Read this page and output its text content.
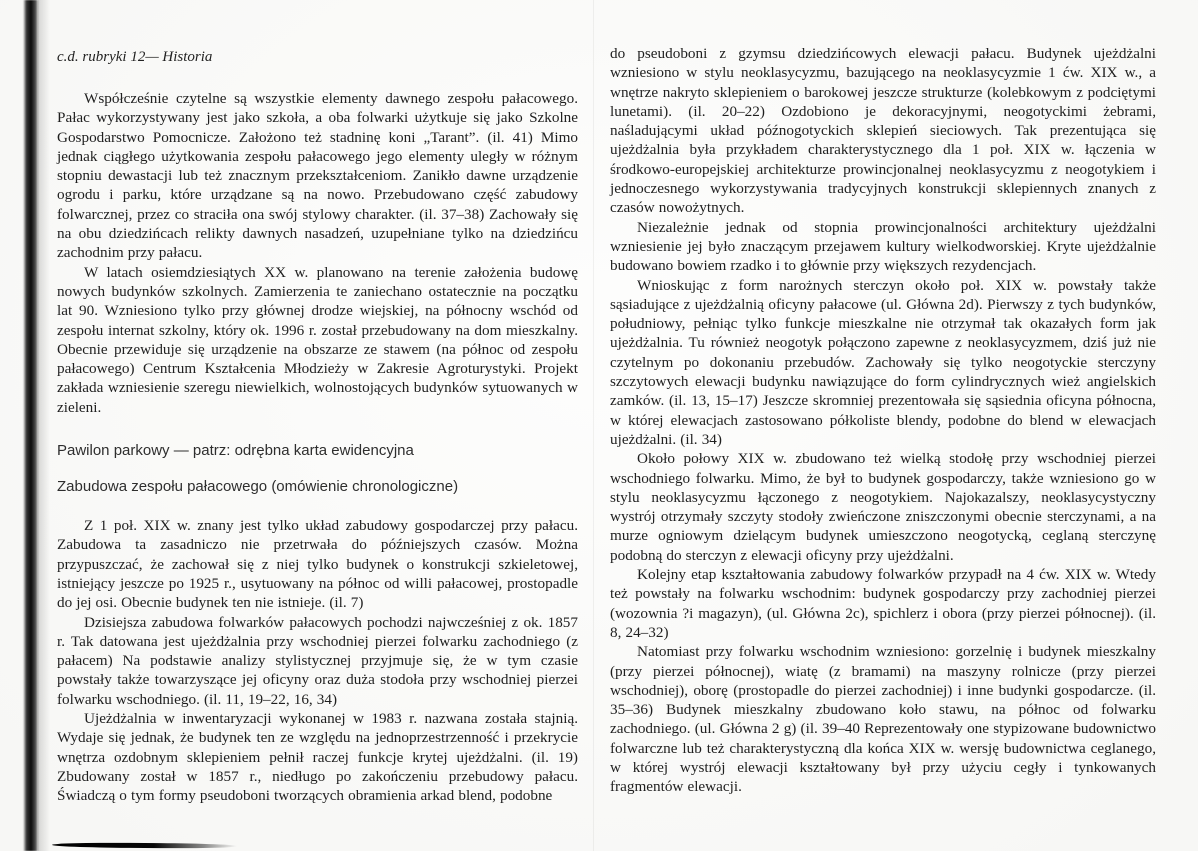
c.d. rubryki 12— Historia

Współcześnie czytelne są wszystkie elementy dawnego zespołu pałacowego. Pałac wykorzystywany jest jako szkoła, a oba folwarki użytkuje się jako Szkolne Gospodarstwo Pomocnicze. Założono też stadninę koni „Tarant”. (il. 41) Mimo jednak ciągłego użytkowania zespołu pałacowego jego elementy uległy w różnym stopniu dewastacji lub też znacznym przekształceniom. Zanikło dawne urządzenie ogrodu i parku, które urządzane są na nowo. Przebudowano część zabudowy folwarcznej, przez co straciła ona swój stylowy charakter. (il. 37–38) Zachowały się na obu dziedzińcach relikty dawnych nasadzeń, uzupełniane tylko na dziedzińcu zachodnim przy pałacu.

W latach osiemdziesiątych XX w. planowano na terenie założenia budowę nowych budynków szkolnych. Zamierzenia te zaniechano ostatecznie na początku lat 90. Wzniesiono tylko przy głównej drodze wiejskiej, na północny wschód od zespołu internat szkolny, który ok. 1996 r. został przebudowany na dom mieszkalny. Obecnie przewiduje się urządzenie na obszarze ze stawem (na północ od zespołu pałacowego) Centrum Kształcenia Młodzieży w Zakresie Agroturystyki. Projekt zakłada wzniesienie szeregu niewielkich, wolnostojących budynków sytuowanych w zieleni.

Pawilon parkowy — patrz: odrębna karta ewidencyjna
Zabudowa zespołu pałacowego (omówienie chronologiczne)

Z 1 poł. XIX w. znany jest tylko układ zabudowy gospodarczej przy pałacu. Zabudowa ta zasadniczo nie przetrwała do późniejszych czasów. Można przypuszczać, że zachował się z niej tylko budynek o konstrukcji szkieletowej, istniejący jeszcze po 1925 r., usytuowany na północ od willi pałacowej, prostopadle do jej osi. Obecnie budynek ten nie istnieje. (il. 7)

Dzisiejsza zabudowa folwarków pałacowych pochodzi najwcześniej z ok. 1857 r. Tak datowana jest ujeżdżalnia przy wschodniej pierzei folwarku zachodniego (z pałacem) Na podstawie analizy stylistycznej przyjmuje się, że w tym czasie powstały także towarzyszące jej oficyny oraz duża stodoła przy wschodniej pierzei folwarku wschodniego. (il. 11, 19–22, 16, 34)

Ujeżdżalnia w inwentaryzacji wykonanej w 1983 r. nazwana została stajnią. Wydaje się jednak, że budynek ten ze względu na jednoprzestrzenność i przekrycie wnętrza ozdobnym sklepieniem pełnił raczej funkcje krytej ujeżdżalni. (il. 19) Zbudowany został w 1857 r., niedługo po zakończeniu przebudowy pałacu. Świadczą o tym formy pseudoboni tworzących obramienia arkad blend, podobne

do pseudoboni z gzymsu dziedzińcowych elewacji pałacu. Budynek ujeżdżalni wzniesiono w stylu neoklasycyzmu, bazującego na neoklasycyzmie 1 ćw. XIX w., a wnętrze nakryto sklepieniem o barokowej jeszcze strukturze (kolebkowym z podciętymi lunetami). (il. 20–22) Ozdobiono je dekoracyjnymi, neogotyckimi żebrami, naśladującymi układ późnogotyckich sklepień sieciowych. Tak prezentująca się ujeżdżalnia była przykładem charakterystycznego dla 1 poł. XIX w. łączenia w środkowo-europejskiej architekturze prowincjonalnej neoklasycyzmu z neogotykiem i jednoczesnego wykorzystywania tradycyjnych konstrukcji sklepiennych znanych z czasów nowożytnych.

Niezależnie jednak od stopnia prowincjonalności architektury ujeżdżalni wzniesienie jej było znaczącym przejawem kultury wielkodworskiej. Kryte ujeżdżalnie budowano bowiem rzadko i to głównie przy większych rezydencjach.

Wnioskując z form narożnych sterczyn około poł. XIX w. powstały także sąsiadujące z ujeżdżalnią oficyny pałacowe (ul. Główna 2d). Pierwszy z tych budynków, południowy, pełniąc tylko funkcje mieszkalne nie otrzymał tak okazałych form jak ujeżdżalnia. Tu również neogotyk połączono zapewne z neoklasycyzmem, dziś już nie czytelnym po dokonaniu przebudów. Zachowały się tylko neogotyckie sterczyny szczytowych elewacji budynku nawiązujące do form cylindrycznych wież angielskich zamków. (il. 13, 15–17) Jeszcze skromniej prezentowała się sąsiednia oficyna północna, w której elewacjach zastosowano półkoliste blendy, podobne do blend w elewacjach ujeżdżalni. (il. 34)

Około połowy XIX w. zbudowano też wielką stodołę przy wschodniej pierzei wschodniego folwarku. Mimo, że był to budynek gospodarczy, także wzniesiono go w stylu neoklasycyzmu łączonego z neogotykiem. Najokazalszy, neoklasycystyczny wystrój otrzymały szczyty stodoły zwieńczone zniszczonymi obecnie sterczynami, a na murze ogniowym dzielącym budynek umieszczono neogotycką, ceglaną sterczynę podobną do sterczyn z elewacji oficyny przy ujeżdżalni.

Kolejny etap kształtowania zabudowy folwarków przypadł na 4 ćw. XIX w. Wtedy też powstały na folwarku wschodnim: budynek gospodarczy przy zachodniej pierzei (wozownia ?i magazyn), (ul. Główna 2c), spichlerz i obora (przy pierzei północnej). (il. 8, 24–32)

Natomiast przy folwarku wschodnim wzniesiono: gorzelnię i budynek mieszkalny (przy pierzei północnej), wiatę (z bramami) na maszyny rolnicze (przy pierzei wschodniej), oborę (prostopadle do pierzei zachodniej) i inne budynki gospodarcze. (il. 35–36) Budynek mieszkalny zbudowano koło stawu, na północ od folwarku zachodniego. (ul. Główna 2 g) (il. 39–40 Reprezentowały one stypizowane budownictwo folwarczne lub też charakterystyczną dla końca XIX w. wersję budownictwa ceglanego, w której wystrój elewacji kształtowany był przy użyciu cegły i tynkowanych fragmentów elewacji.
